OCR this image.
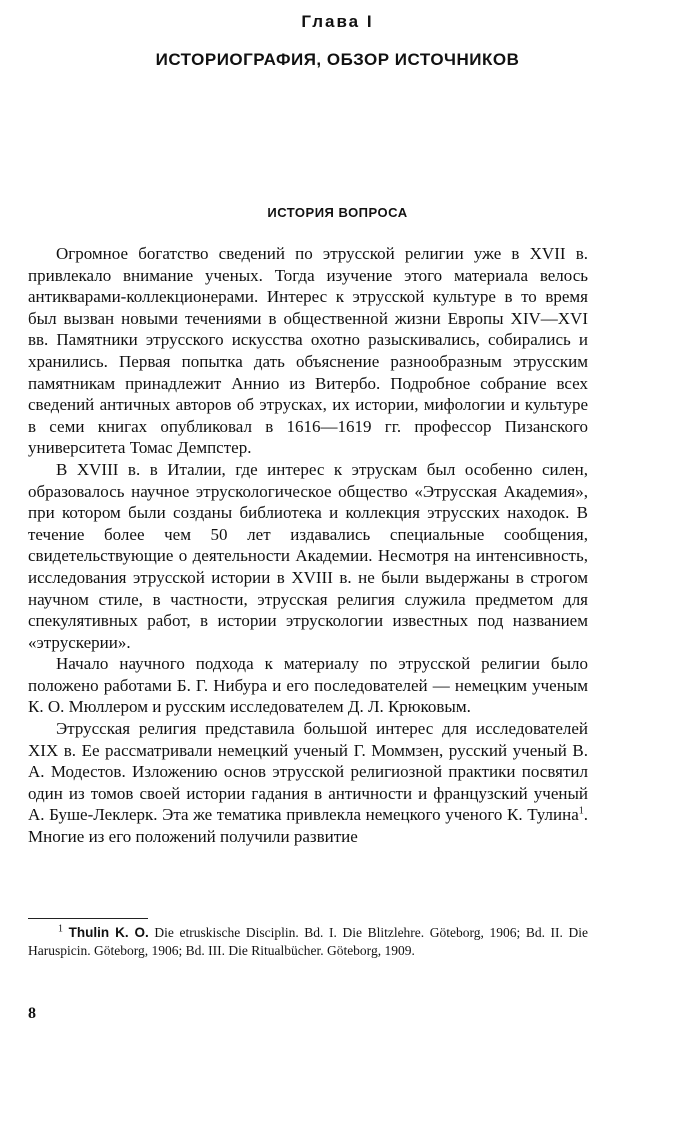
Глава I
ИСТОРИОГРАФИЯ, ОБЗОР ИСТОЧНИКОВ
ИСТОРИЯ ВОПРОСА

Огромное богатство сведений по этрусской религии уже в XVII в. привлекало внимание ученых. Тогда изучение этого материала велось антикварами-коллекционерами. Интерес к этрусской культуре в то время был вызван новыми течениями в общественной жизни Европы XIV—XVI вв. Памятники этрусского искусства охотно разыскивались, собирались и хранились. Первая попытка дать объяснение разнообразным этрусским памятникам принадлежит Аннио из Витербо. Подробное собрание всех сведений античных авторов об этрусках, их истории, мифологии и культуре в семи книгах опубликовал в 1616—1619 гг. профессор Пизанского университета Томас Демпстер.

В XVIII в. в Италии, где интерес к этрускам был особенно силен, образовалось научное этрускологическое общество «Этрусская Академия», при котором были созданы библиотека и коллекция этрусских находок. В течение более чем 50 лет издавались специальные сообщения, свидетельствующие о деятельности Академии. Несмотря на интенсивность, исследования этрусской истории в XVIII в. не были выдержаны в строгом научном стиле, в частности, этрусская религия служила предметом для спекулятивных работ, в истории этрускологии известных под названием «этрускерии».

Начало научного подхода к материалу по этрусской религии было положено работами Б. Г. Нибура и его последователей — немецким ученым К. О. Мюллером и русским исследователем Д. Л. Крюковым.

Этрусская религия представила большой интерес для исследователей XIX в. Ее рассматривали немецкий ученый Г. Моммзен, русский ученый В. А. Модестов. Изложению основ этрусской религиозной практики посвятил один из томов своей истории гадания в античности и французский ученый А. Буше-Леклерк. Эта же тематика привлекла немецкого ученого К. Тулина$^1$. Многие из его положений получили развитие

$^1$ Thulin K. O. Die etruskische Disciplin. Bd. I. Die Blitzlehre. Göteborg, 1906; Bd. II. Die Haruspicin. Göteborg, 1906; Bd. III. Die Ritualbücher. Göteborg, 1909.

8
